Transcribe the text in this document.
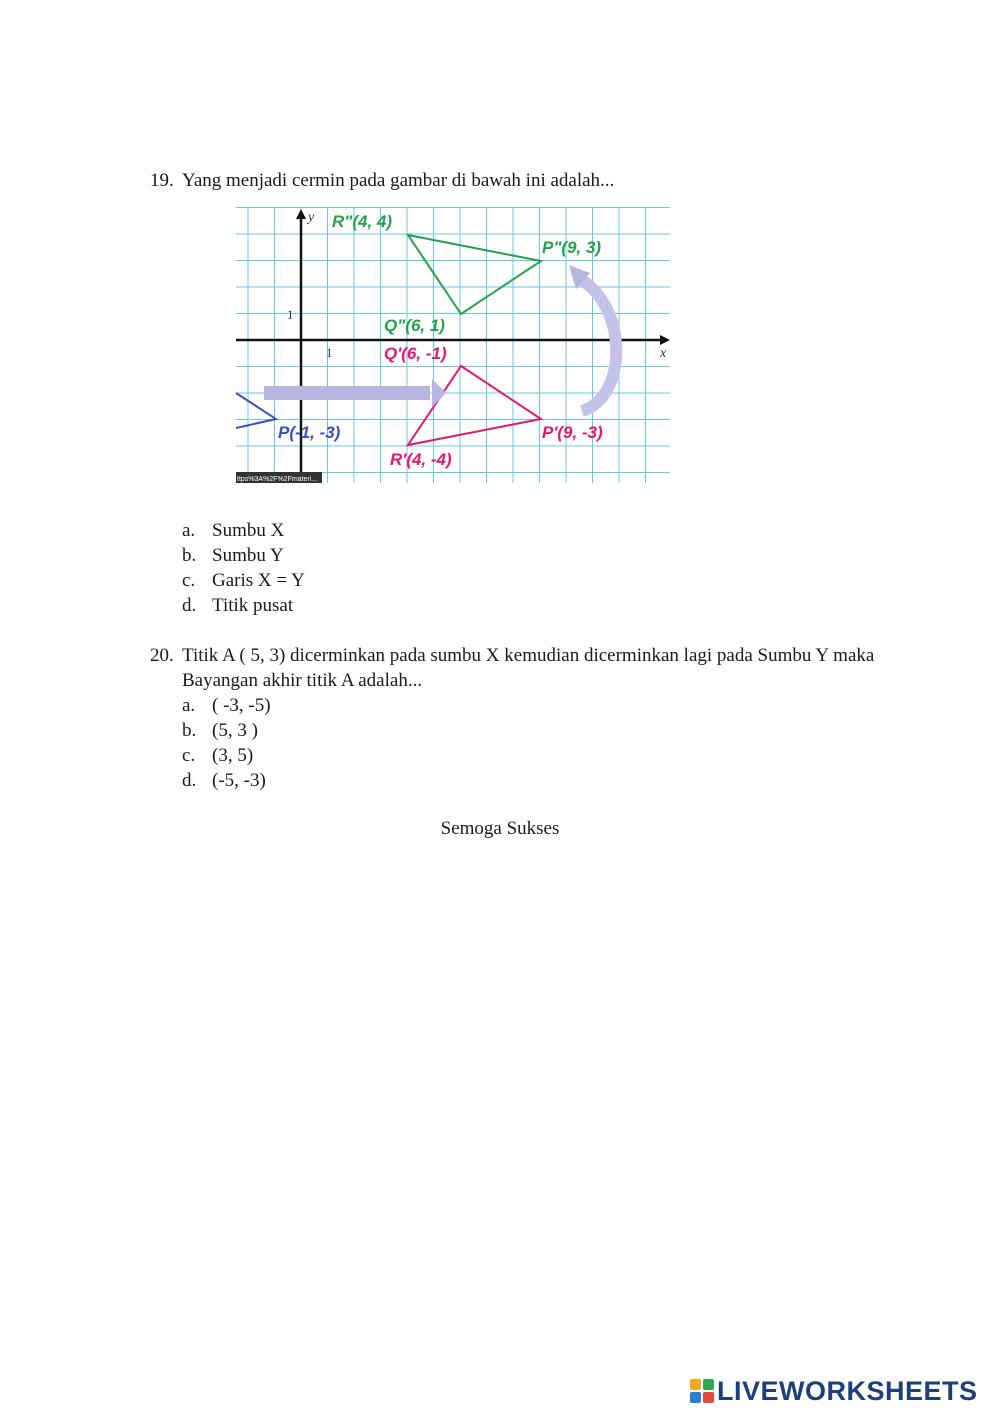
19. Yang menjadi cermin pada gambar di bawah ini adalah...
x
y
1
1
R"(4, 4)
P"(9, 3)
Q"(6, 1)
Q'(6, -1)
P(-1, -3)	P'(9, -3)
R'(4, -4)
ttps%3A%2F%2Fmateri...
a. Sumbu X
b. Sumbu Y
c. Garis X = Y
d. Titik pusat
20. Titik A ( 5, 3) dicerminkan pada sumbu X kemudian dicerminkan lagi pada Sumbu Y maka Bayangan akhir titik A adalah...
a. ( -3, -5)
b. (5, 3 )
c. (3, 5)
d. (-5, -3)
Semoga Sukses
LIVEWORKSHEETS
